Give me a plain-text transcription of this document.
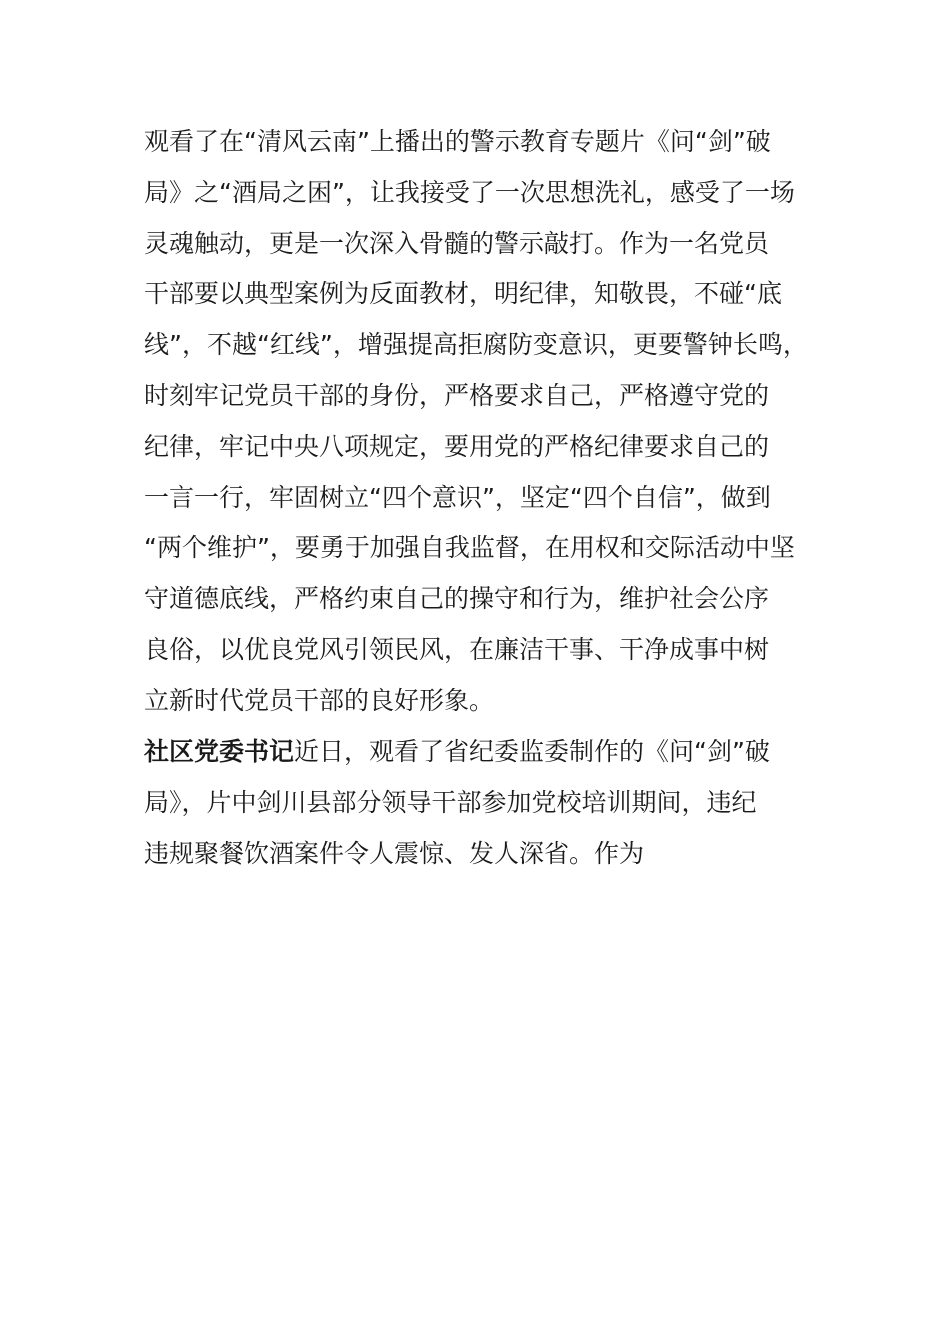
观看了在“清风云南”上播出的警示教育专题片《问“剑”破
局》之“酒局之困”，让我接受了一次思想洗礼，感受了一场
灵魂触动，更是一次深入骨髓的警示敲打。作为一名党员
干部要以典型案例为反面教材，明纪律，知敬畏，不碰“底
线”，不越“红线”，增强提高拒腐防变意识，更要警钟长鸣，
时刻牢记党员干部的身份，严格要求自己，严格遵守党的
纪律，牢记中央八项规定，要用党的严格纪律要求自己的
一言一行，牢固树立“四个意识”，坚定“四个自信”，做到
“两个维护”，要勇于加强自我监督，在用权和交际活动中坚
守道德底线，严格约束自己的操守和行为，维护社会公序
良俗，以优良党风引领民风，在廉洁干事、干净成事中树
立新时代党员干部的良好形象。
社区党委书记近日，观看了省纪委监委制作的《问“剑”破
局》，片中剑川县部分领导干部参加党校培训期间，违纪
违规聚餐饮酒案件令人震惊、发人深省。作为
